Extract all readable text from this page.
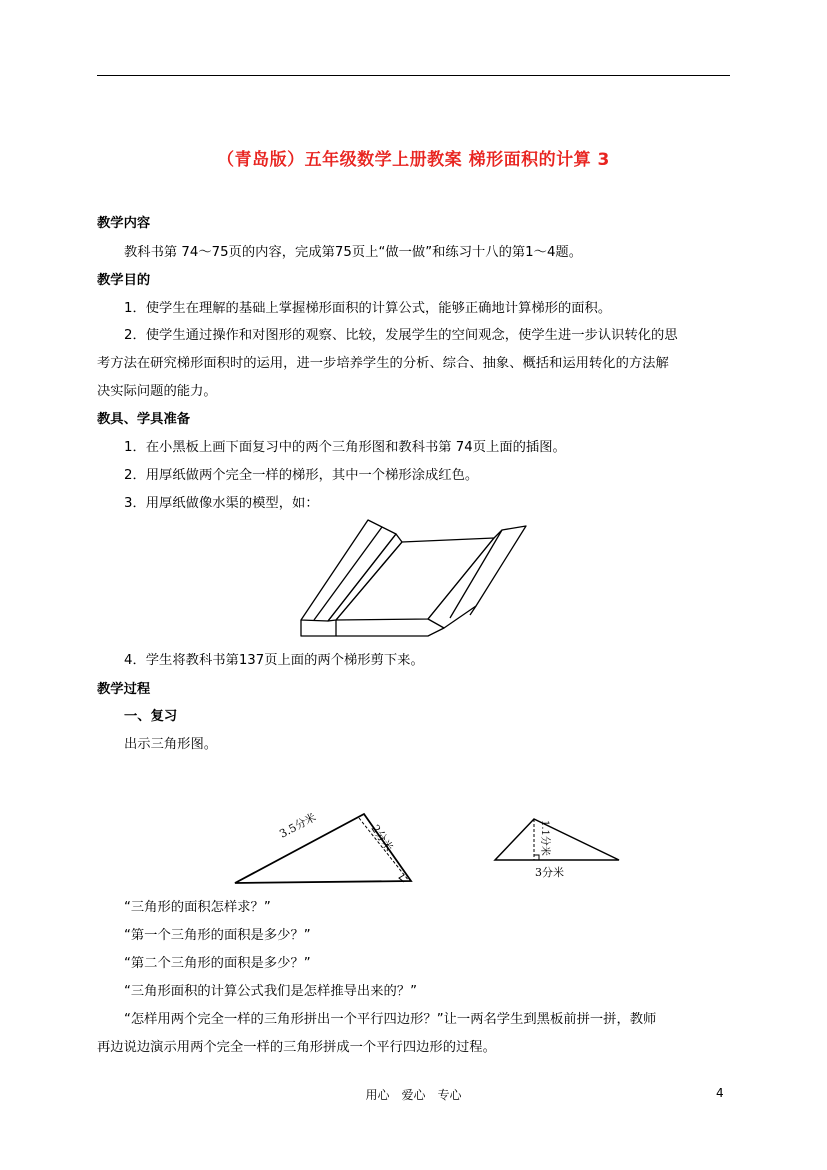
（青岛版）五年级数学上册教案 梯形面积的计算 3
教学内容
教科书第 74～75页的内容，完成第75页上“做一做”和练习十八的第1～4题。
教学目的
1．使学生在理解的基础上掌握梯形面积的计算公式，能够正确地计算梯形的面积。
2．使学生通过操作和对图形的观察、比较，发展学生的空间观念，使学生进一步认识转化的思
考方法在研究梯形面积时的运用，进一步培养学生的分析、综合、抽象、概括和运用转化的方法解
决实际问题的能力。
教具、学具准备
1．在小黑板上画下面复习中的两个三角形图和教科书第 74页上面的插图。
2．用厚纸做两个完全一样的梯形，其中一个梯形涂成红色。
3．用厚纸做像水渠的模型，如：
4．学生将教科书第137页上面的两个梯形剪下来。
教学过程
一、复习
出示三角形图。
3.5分米	2分米	1.1分米
3分米
“三角形的面积怎样求？”
“第一个三角形的面积是多少？”
“第二个三角形的面积是多少？”
“三角形面积的计算公式我们是怎样推导出来的？”
“怎样用两个完全一样的三角形拼出一个平行四边形？”让一两名学生到黑板前拼一拼，教师
再边说边演示用两个完全一样的三角形拼成一个平行四边形的过程。
用心　爱心　专心	4
